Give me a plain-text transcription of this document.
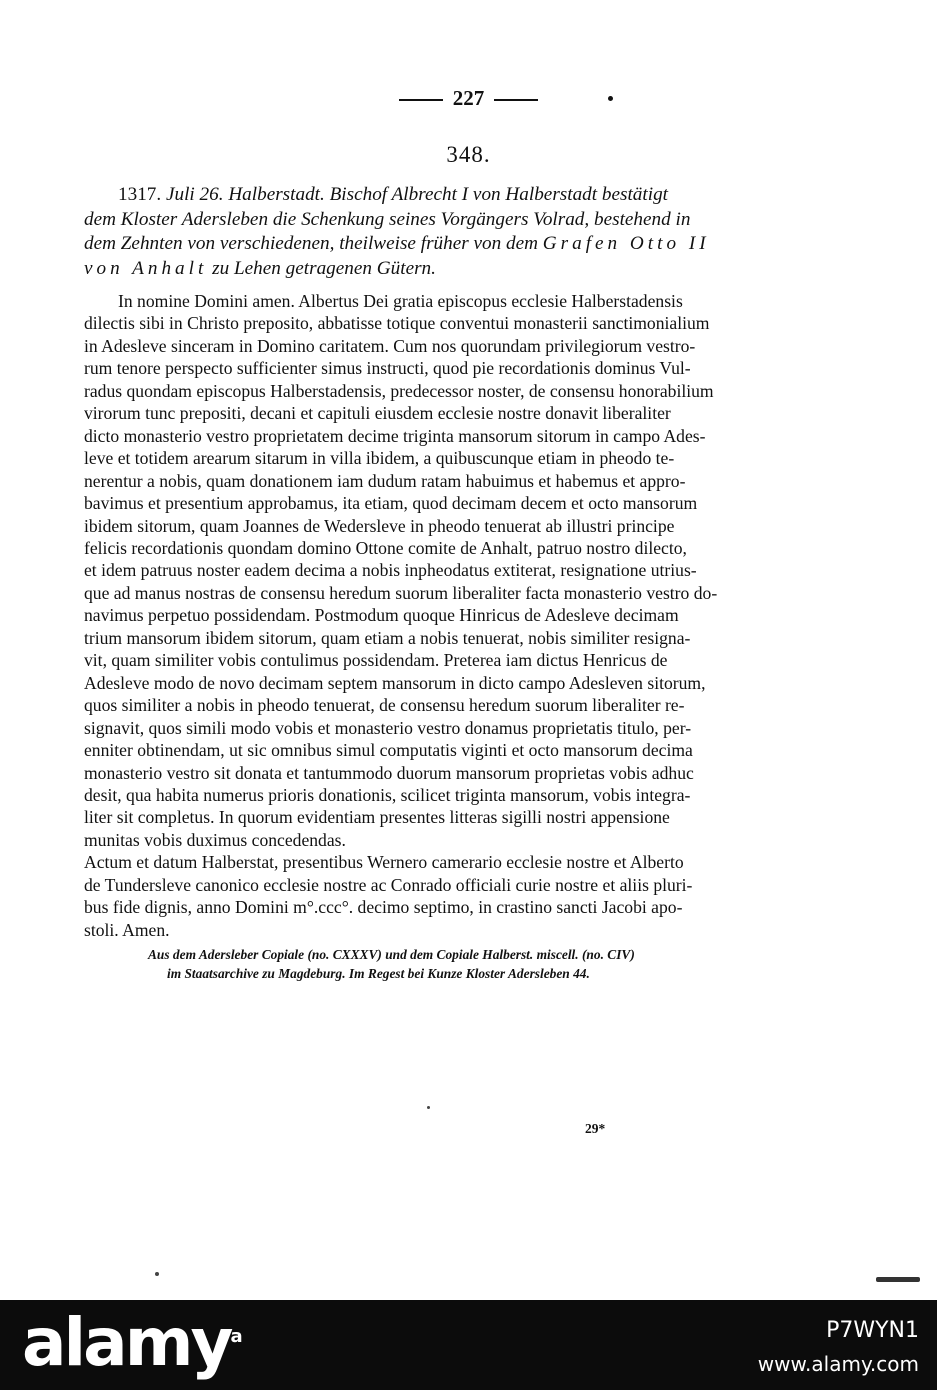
227
348.
1317. Juli 26. Halberstadt. Bischof Albrecht I von Halberstadt bestätigt
dem Kloster Adersleben die Schenkung seines Vorgängers Volrad, bestehend in
dem Zehnten von verschiedenen, theilweise früher von dem Grafen Otto II
von Anhalt zu Lehen getragenen Gütern.
In nomine Domini amen. Albertus Dei gratia episcopus ecclesie Halberstadensis
dilectis sibi in Christo preposito, abbatisse totique conventui monasterii sanctimonialium
in Adesleve sinceram in Domino caritatem. Cum nos quorundam privilegiorum vestro-
rum tenore perspecto sufficienter simus instructi, quod pie recordationis dominus Vul-
radus quondam episcopus Halberstadensis, predecessor noster, de consensu honorabilium
virorum tunc prepositi, decani et capituli eiusdem ecclesie nostre donavit liberaliter
dicto monasterio vestro proprietatem decime triginta mansorum sitorum in campo Ades-
leve et totidem arearum sitarum in villa ibidem, a quibuscunque etiam in pheodo te-
nerentur a nobis, quam donationem iam dudum ratam habuimus et habemus et appro-
bavimus et presentium approbamus, ita etiam, quod decimam decem et octo mansorum
ibidem sitorum, quam Joannes de Wedersleve in pheodo tenuerat ab illustri principe
felicis recordationis quondam domino Ottone comite de Anhalt, patruo nostro dilecto,
et idem patruus noster eadem decima a nobis inpheodatus extiterat, resignatione utrius-
que ad manus nostras de consensu heredum suorum liberaliter facta monasterio vestro do-
navimus perpetuo possidendam. Postmodum quoque Hinricus de Adesleve decimam
trium mansorum ibidem sitorum, quam etiam a nobis tenuerat, nobis similiter resigna-
vit, quam similiter vobis contulimus possidendam. Preterea iam dictus Henricus de
Adesleve modo de novo decimam septem mansorum in dicto campo Adesleven sitorum,
quos similiter a nobis in pheodo tenuerat, de consensu heredum suorum liberaliter re-
signavit, quos simili modo vobis et monasterio vestro donamus proprietatis titulo, per-
enniter obtinendam, ut sic omnibus simul computatis viginti et octo mansorum decima
monasterio vestro sit donata et tantummodo duorum mansorum proprietas vobis adhuc
desit, qua habita numerus prioris donationis, scilicet triginta mansorum, vobis integra-
liter sit completus. In quorum evidentiam presentes litteras sigilli nostri appensione
munitas vobis duximus concedendas.
Actum et datum Halberstat, presentibus Wernero camerario ecclesie nostre et Alberto
de Tundersleve canonico ecclesie nostre ac Conrado officiali curie nostre et aliis pluri-
bus fide dignis, anno Domini m°.ccc°. decimo septimo, in crastino sancti Jacobi apo-
stoli. Amen.
Aus dem Adersleber Copiale (no. CXXXV) und dem Copiale Halberst. miscell. (no. CIV)
im Staatsarchive zu Magdeburg. Im Regest bei Kunze Kloster Adersleben 44.
29*
alamy$^a$	P7WYN1
www.alamy.com
